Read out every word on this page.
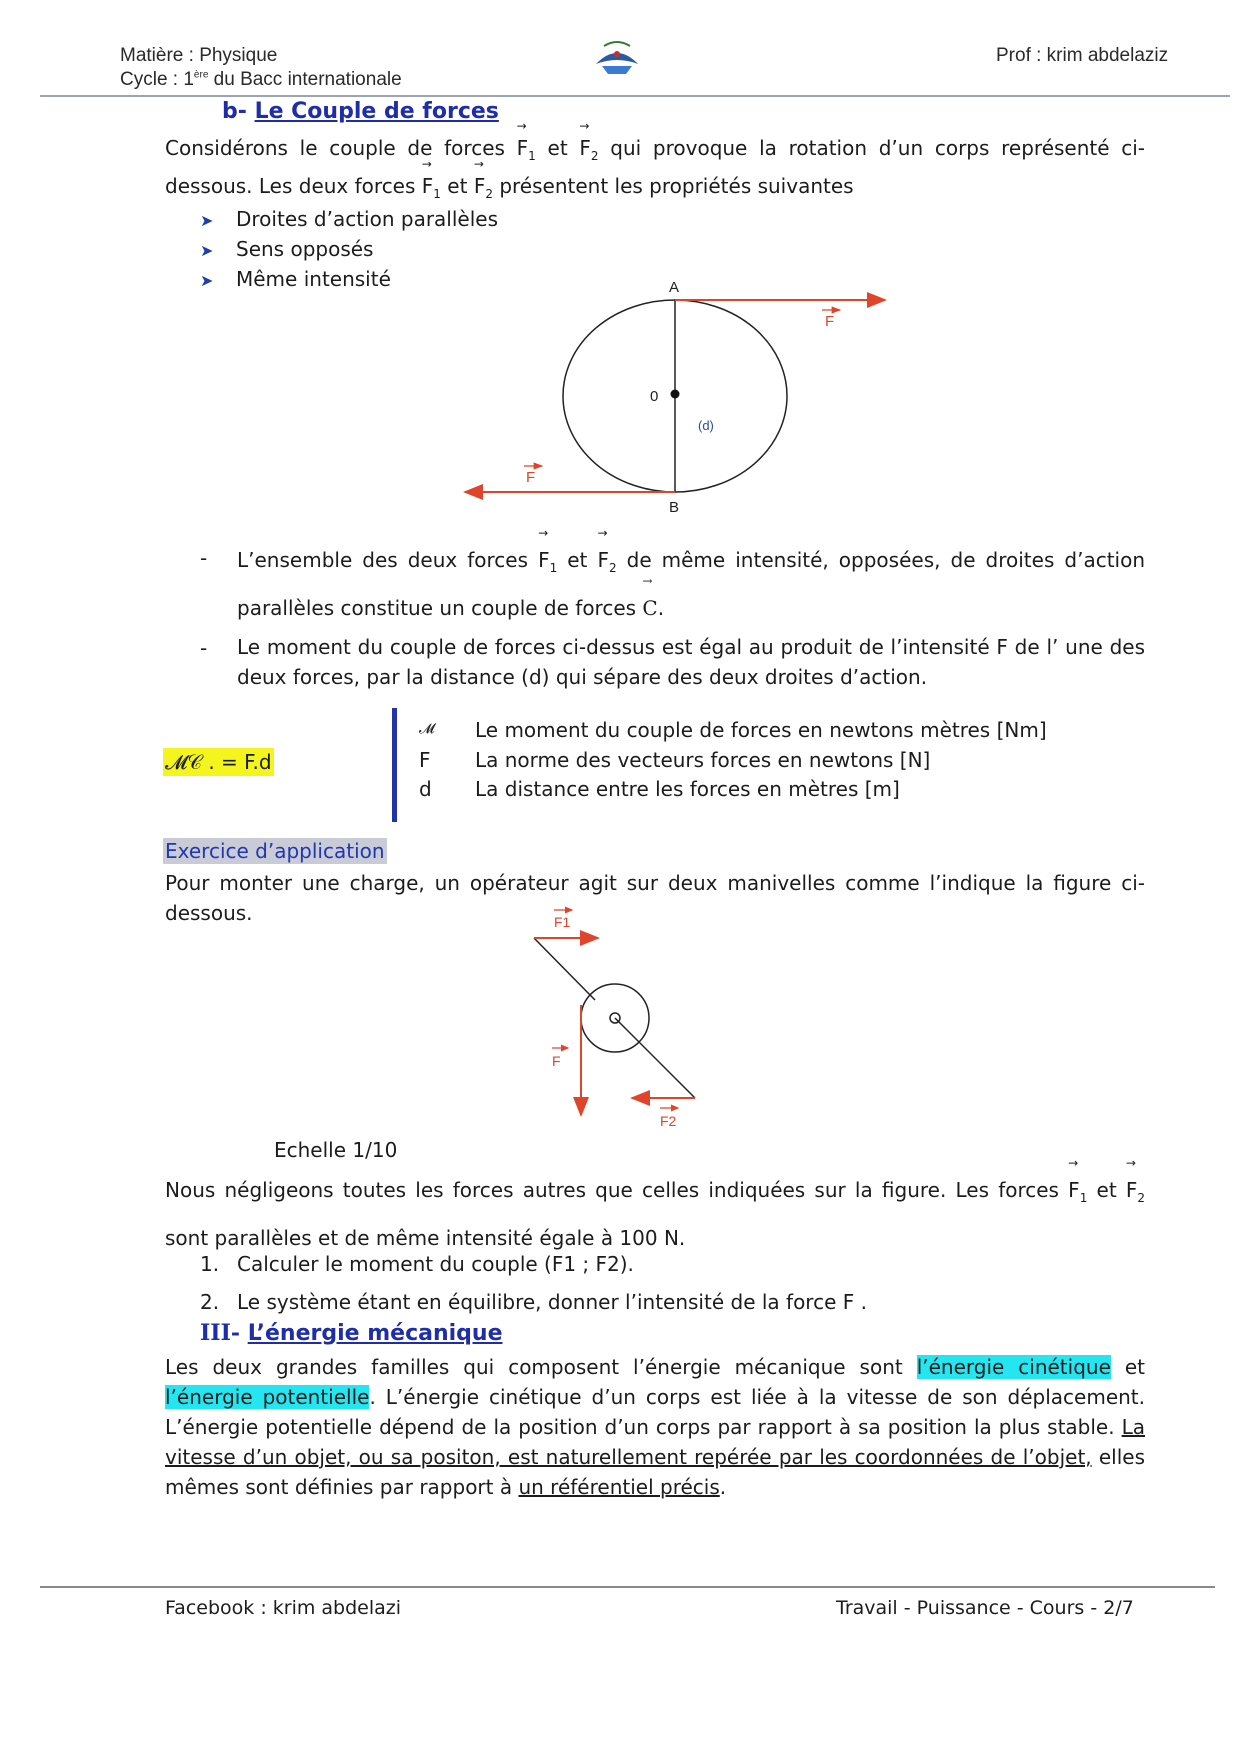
Matière : Physique
Cycle : 1ère du Bacc internationale
Prof : krim abdelaziz
b- Le Couple de forces
Considérons le couple de forces → $F_1$ et → $F_2$ qui provoque la rotation d’un corps représenté ci-dessous. Les deux forces → $F_1$ et → $F_2$ présentent les propriétés suivantes
➤ Droites d’action parallèles
➤ Sens opposés
➤ Même intensité	A
B
0
(d)
F
F
- L’ensemble des deux forces → $F_1$ et → $F_2$ de même intensité, opposées, de droites d’action parallèles constitue un couple de forces → C.
- Le moment du couple de forces ci-dessus est égal au produit de l’intensité F de l’ une des deux forces, par la distance (d) qui sépare des deux droites d’action.
𝓜𝒞 . = F.d
𝓜	Le moment du couple de forces en newtons mètres [Nm]
F	La norme des vecteurs forces en newtons [N]
d	La distance entre les forces en mètres [m]
Exercice d’application
Pour monter une charge, un opérateur agit sur deux manivelles comme l’indique la figure ci-dessous.	F1
F
F2
Echelle 1/10
Nous négligeons toutes les forces autres que celles indiquées sur la figure. Les forces → $F_1$ et → $F_2$ sont parallèles et de même intensité égale à 100 N.
1. Calculer le moment du couple (F1 ; F2).
2. Le système étant en équilibre, donner l’intensité de la force F .
III- L’énergie mécanique
Les deux grandes familles qui composent l’énergie mécanique sont l’énergie cinétique et l’énergie potentielle. L’énergie cinétique d’un corps est liée à la vitesse de son déplacement. L’énergie potentielle dépend de la position d’un corps par rapport à sa position la plus stable. La vitesse d’un objet, ou sa positon, est naturellement repérée par les coordonnées de l’objet, elles mêmes sont définies par rapport à un référentiel précis.
Facebook : krim abdelazi	Travail - Puissance - Cours - 2/7
